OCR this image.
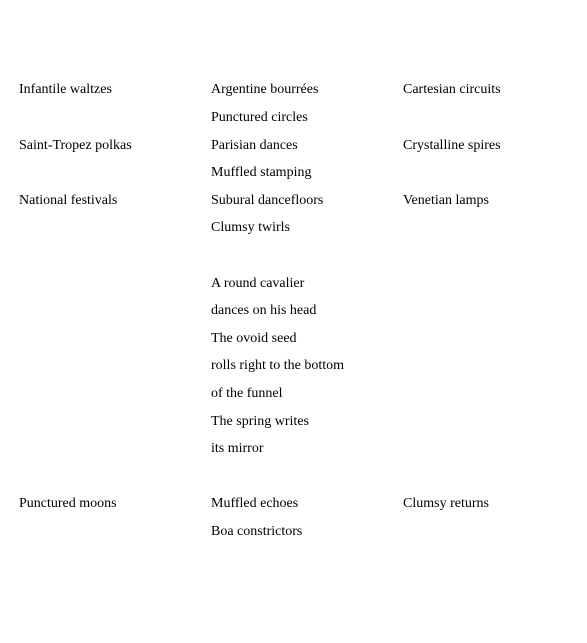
Infantile waltzes	Argentine bourrées	Cartesian circuits
Punctured circles
Saint-Tropez polkas	Parisian dances	Crystalline spires
Muffled stamping
National festivals	Subural dancefloors	Venetian lamps
Clumsy twirls
A round cavalier
dances on his head
The ovoid seed
rolls right to the bottom
of the funnel
The spring writes
its mirror
Punctured moons	Muffled echoes	Clumsy returns
Boa constrictors
